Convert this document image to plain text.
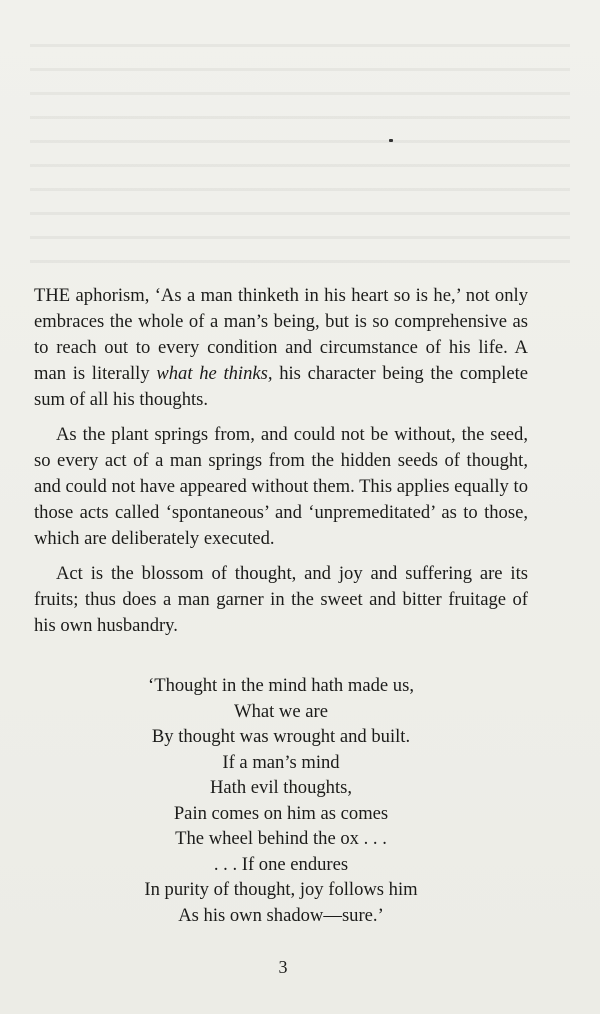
THE aphorism, ‘As a man thinketh in his heart so is he,’ not only embraces the whole of a man’s being, but is so comprehensive as to reach out to every condition and circumstance of his life. A man is literally what he thinks, his character being the complete sum of all his thoughts.

As the plant springs from, and could not be without, the seed, so every act of a man springs from the hidden seeds of thought, and could not have appeared without them. This applies equally to those acts called ‘spontaneous’ and ‘unpremeditated’ as to those, which are deliberately executed.

Act is the blossom of thought, and joy and suffering are its fruits; thus does a man garner in the sweet and bitter fruitage of his own husbandry.

‘Thought in the mind hath made us,
What we are
By thought was wrought and built.
If a man’s mind
Hath evil thoughts,
Pain comes on him as comes
The wheel behind the ox . . .
. . . If one endures
In purity of thought, joy follows him
As his own shadow—sure.’
3
